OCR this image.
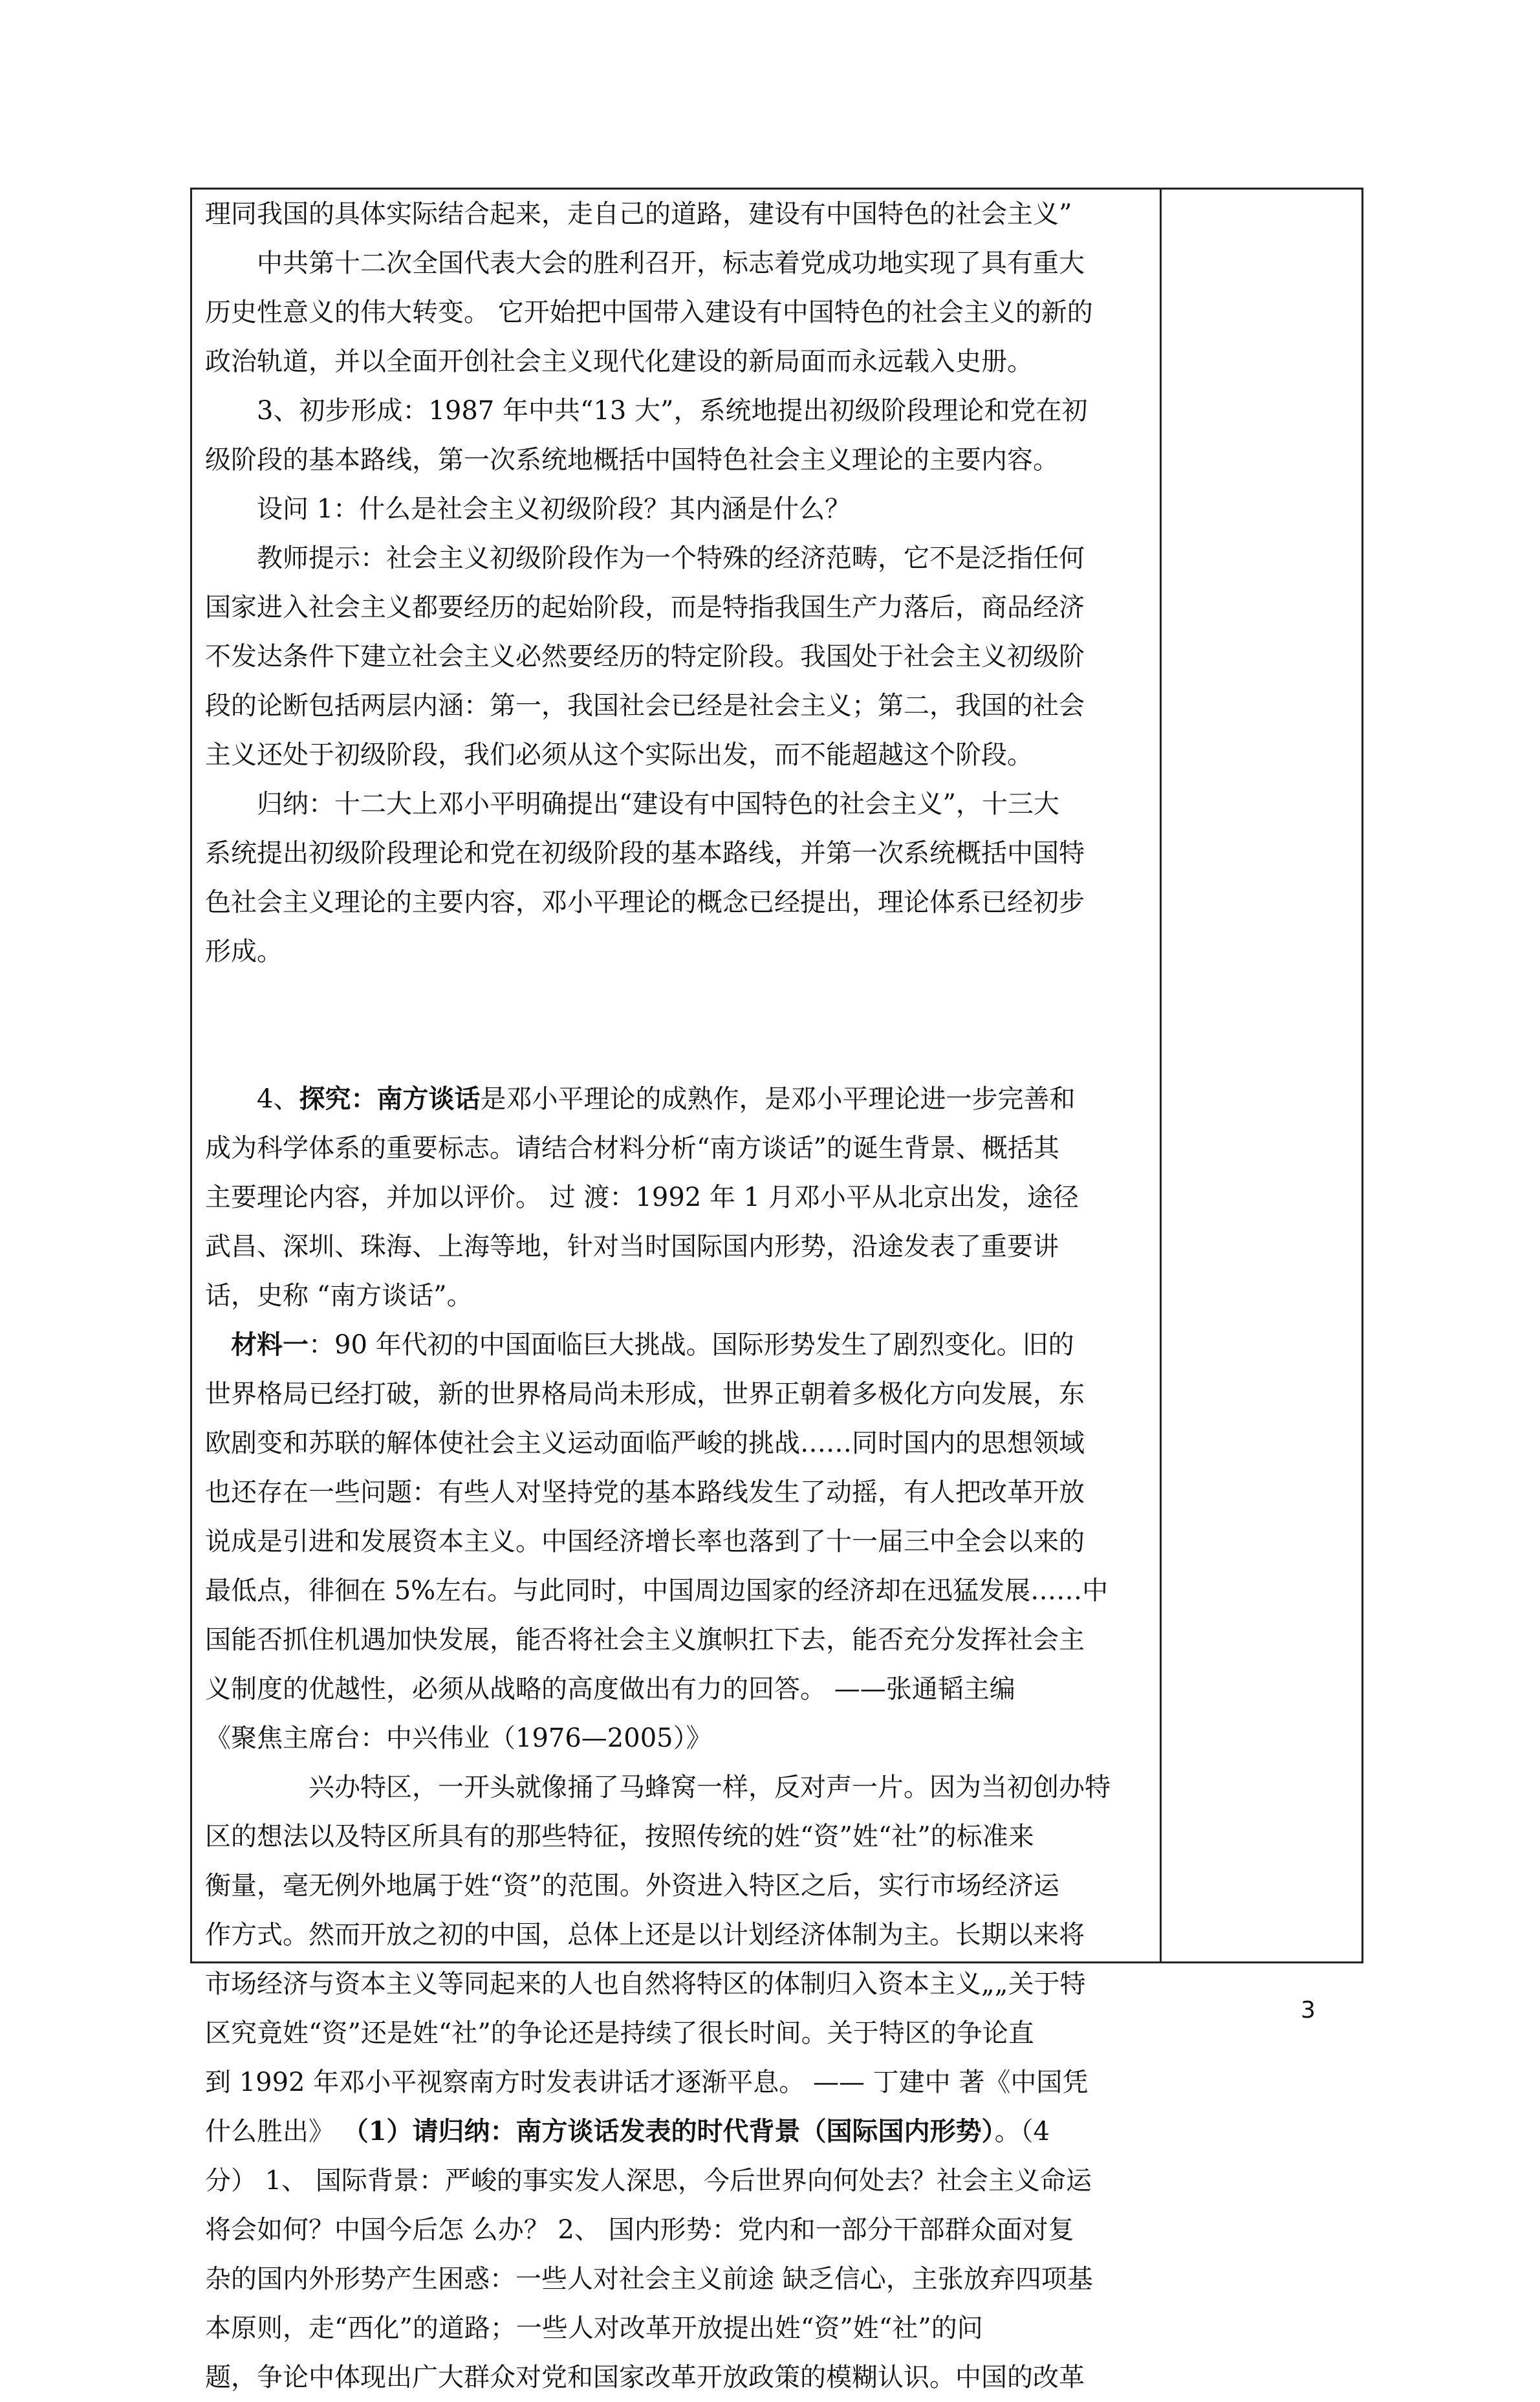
理同我国的具体实际结合起来，走自己的道路，建设有中国特色的社会主义”
中共第十二次全国代表大会的胜利召开，标志着党成功地实现了具有重大
历史性意义的伟大转变。 它开始把中国带入建设有中国特色的社会主义的新的
政治轨道，并以全面开创社会主义现代化建设的新局面而永远载入史册。
3、初步形成：1987 年中共“13 大”，系统地提出初级阶段理论和党在初
级阶段的基本路线，第一次系统地概括中国特色社会主义理论的主要内容。
设问 1：什么是社会主义初级阶段？其内涵是什么？
教师提示：社会主义初级阶段作为一个特殊的经济范畴，它不是泛指任何
国家进入社会主义都要经历的起始阶段，而是特指我国生产力落后，商品经济
不发达条件下建立社会主义必然要经历的特定阶段。我国处于社会主义初级阶
段的论断包括两层内涵：第一，我国社会已经是社会主义；第二，我国的社会
主义还处于初级阶段，我们必须从这个实际出发，而不能超越这个阶段。
归纳：十二大上邓小平明确提出“建设有中国特色的社会主义”，十三大
系统提出初级阶段理论和党在初级阶段的基本路线，并第一次系统概括中国特
色社会主义理论的主要内容，邓小平理论的概念已经提出，理论体系已经初步
形成。
4、探究：南方谈话是邓小平理论的成熟作，是邓小平理论进一步完善和
成为科学体系的重要标志。请结合材料分析“南方谈话”的诞生背景、概括其
主要理论内容，并加以评价。 过 渡：1992 年 1 月邓小平从北京出发，途径
武昌、深圳、珠海、上海等地，针对当时国际国内形势，沿途发表了重要讲
话，史称 “南方谈话”。
材料一：90 年代初的中国面临巨大挑战。国际形势发生了剧烈变化。旧的
世界格局已经打破，新的世界格局尚未形成，世界正朝着多极化方向发展，东
欧剧变和苏联的解体使社会主义运动面临严峻的挑战……同时国内的思想领域
也还存在一些问题：有些人对坚持党的基本路线发生了动摇，有人把改革开放
说成是引进和发展资本主义。中国经济增长率也落到了十一届三中全会以来的
最低点，徘徊在 5%左右。与此同时，中国周边国家的经济却在迅猛发展……中
国能否抓住机遇加快发展，能否将社会主义旗帜扛下去，能否充分发挥社会主
义制度的优越性，必须从战略的高度做出有力的回答。 ——张通韬主编
《聚焦主席台：中兴伟业（1976—2005）》
兴办特区，一开头就像捅了马蜂窝一样，反对声一片。因为当初创办特
区的想法以及特区所具有的那些特征，按照传统的姓“资”姓“社”的标准来
衡量，毫无例外地属于姓“资”的范围。外资进入特区之后，实行市场经济运
作方式。然而开放之初的中国，总体上还是以计划经济体制为主。长期以来将
市场经济与资本主义等同起来的人也自然将特区的体制归入资本主义„„关于特
区究竟姓“资”还是姓“社”的争论还是持续了很长时间。关于特区的争论直
到 1992 年邓小平视察南方时发表讲话才逐渐平息。 —— 丁建中 著《中国凭
什么胜出》 （1）请归纳：南方谈话发表的时代背景（国际国内形势）。（4
分） 1、 国际背景：严峻的事实发人深思，今后世界向何处去？社会主义命运
将会如何？中国今后怎 么办？ 2、 国内形势：党内和一部分干部群众面对复
杂的国内外形势产生困惑：一些人对社会主义前途 缺乏信心，主张放弃四项基
本原则，走“西化”的道路；一些人对改革开放提出姓“资”姓“社”的问
题，争论中体现出广大群众对党和国家改革开放政策的模糊认识。中国的改革
3
